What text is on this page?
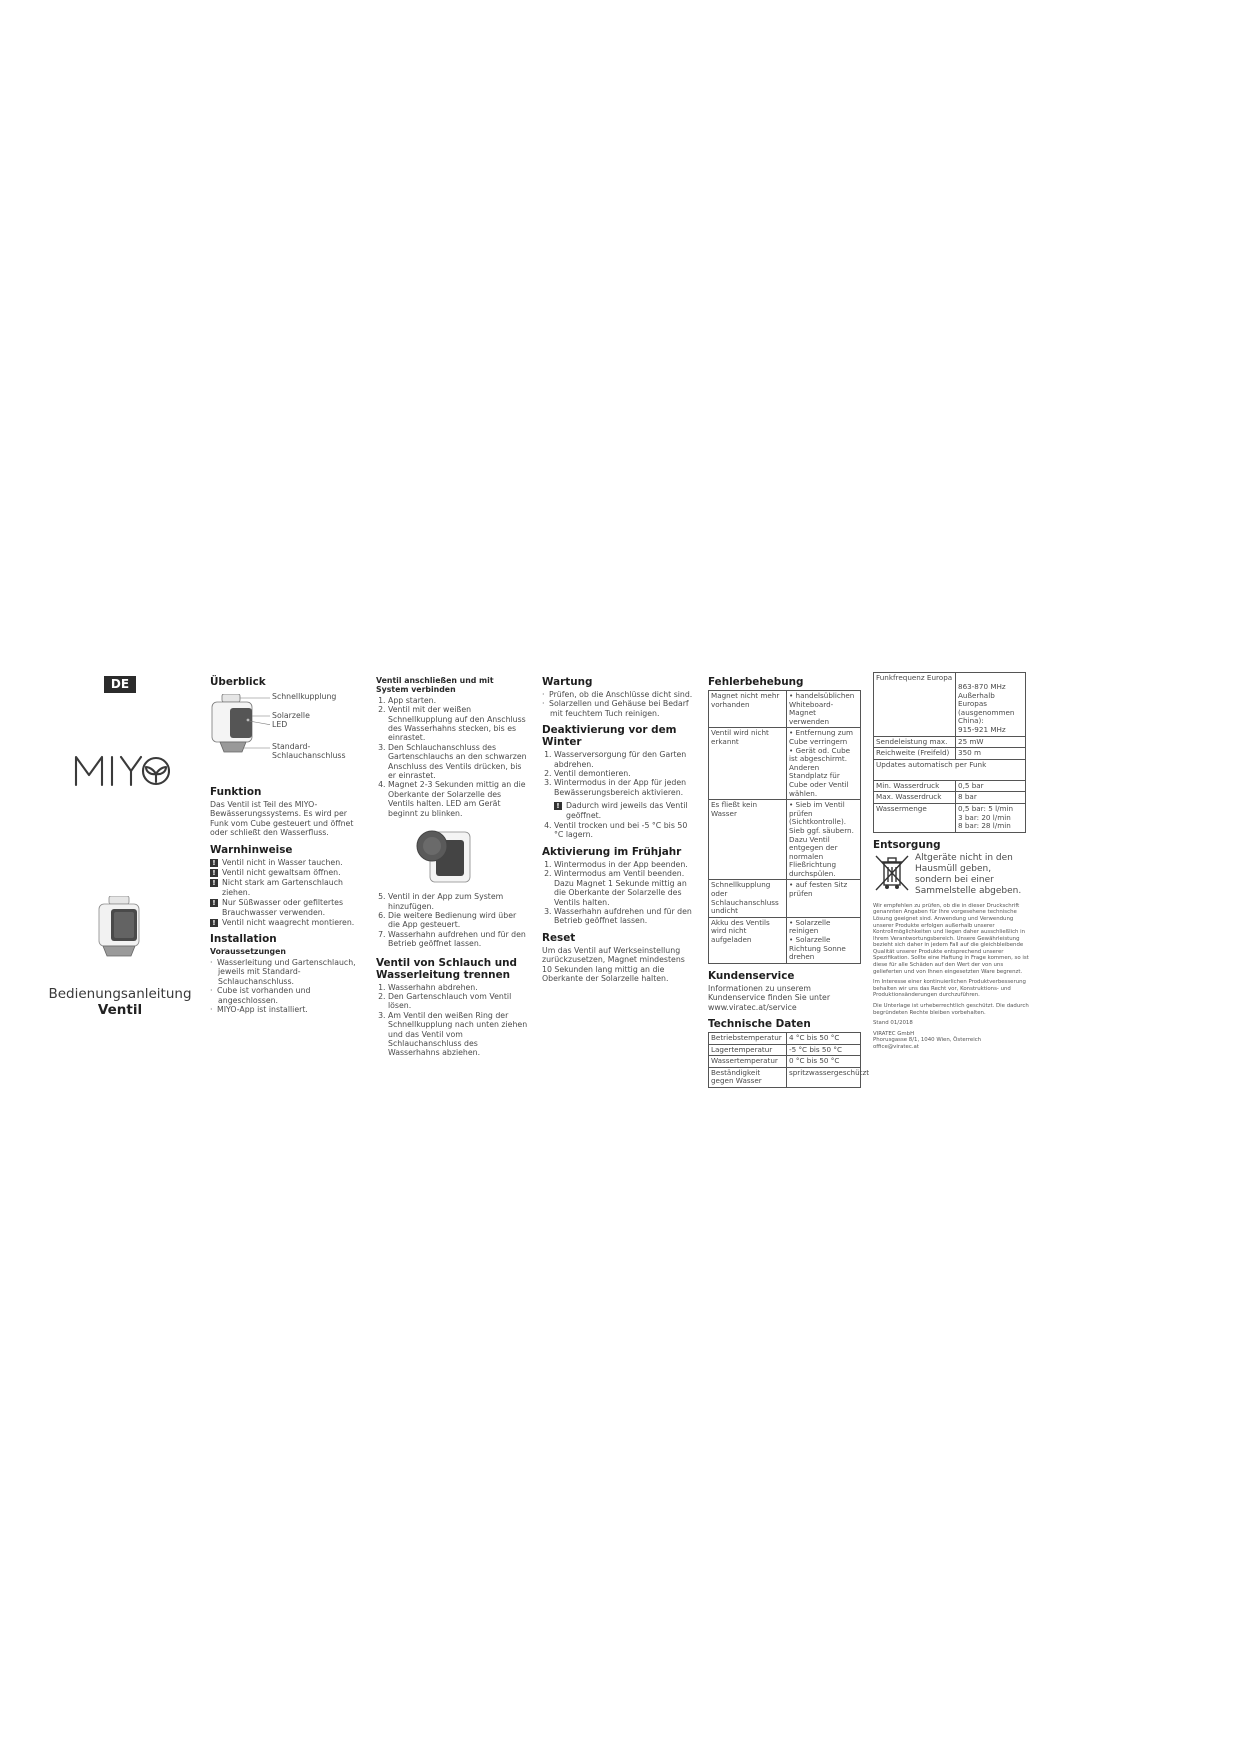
DE
Bedienungsanleitung
Ventil
Überblick
Schnellkupplung
Solarzelle
LED
Standard-Schlauchanschluss
Funktion

Das Ventil ist Teil des MIYO-Bewässerungssystems. Es wird per Funk vom Cube gesteuert und öffnet oder schließt den Wasserfluss.

Warnhinweise
! Ventil nicht in Wasser tauchen.
! Ventil nicht gewaltsam öffnen.
! Nicht stark am Gartenschlauch ziehen.
! Nur Süßwasser oder gefiltertes Brauchwasser verwenden.
! Ventil nicht waagrecht montieren.
Installation
Voraussetzungen
· Wasserleitung und Gartenschlauch, jeweils mit Standard-Schlauchanschluss.
· Cube ist vorhanden und angeschlossen.
· MIYO-App ist installiert.
Ventil anschließen und mit System verbinden
1. App starten.
2. Ventil mit der weißen Schnellkupplung auf den Anschluss des Wasserhahns stecken, bis es einrastet.
3. Den Schlauchanschluss des Gartenschlauchs an den schwarzen Anschluss des Ventils drücken, bis er einrastet.
4. Magnet 2-3 Sekunden mittig an die Oberkante der Solarzelle des Ventils halten. LED am Gerät beginnt zu blinken.
5. Ventil in der App zum System hinzufügen.
6. Die weitere Bedienung wird über die App gesteuert.
7. Wasserhahn aufdrehen und für den Betrieb geöffnet lassen.
Ventil von Schlauch und Wasserleitung trennen
1. Wasserhahn abdrehen.
2. Den Gartenschlauch vom Ventil lösen.
3. Am Ventil den weißen Ring der Schnellkupplung nach unten ziehen und das Ventil vom Schlauchanschluss des Wasserhahns abziehen.
Wartung
· Prüfen, ob die Anschlüsse dicht sind.
· Solarzellen und Gehäuse bei Bedarf mit feuchtem Tuch reinigen.
Deaktivierung vor dem Winter
1. Wasserversorgung für den Garten abdrehen.
2. Ventil demontieren.
3. Wintermodus in der App für jeden Bewässerungsbereich aktivieren.
! Dadurch wird jeweils das Ventil geöffnet.
4. Ventil trocken und bei -5 °C bis 50 °C lagern.
Aktivierung im Frühjahr
1. Wintermodus in der App beenden.
2. Wintermodus am Ventil beenden. Dazu Magnet 1 Sekunde mittig an die Oberkante der Solarzelle des Ventils halten.
3. Wasserhahn aufdrehen und für den Betrieb geöffnet lassen.
Reset

Um das Ventil auf Werkseinstellung zurückzusetzen, Magnet mindestens 10 Sekunden lang mittig an die Oberkante der Solarzelle halten.

Fehlerbehebung
Magnet nicht mehr vorhanden	• handelsüblichen Whiteboard-Magnet verwenden
Ventil wird nicht erkannt	• Entfernung zum Cube verringern
• Gerät od. Cube ist abgeschirmt. Anderen Standplatz für Cube oder Ventil wählen.
Es fließt kein Wasser	• Sieb im Ventil prüfen (Sichtkontrolle). Sieb ggf. säubern. Dazu Ventil entgegen der normalen Fließrichtung durchspülen.
Schnellkupplung oder Schlauchanschluss undicht	• auf festen Sitz prüfen
Akku des Ventils wird nicht aufgeladen	• Solarzelle reinigen
• Solarzelle Richtung Sonne drehen
Kundenservice

Informationen zu unserem Kundenservice finden Sie unter
www.viratec.at/service

Technische Daten
Betriebstemperatur	4 °C bis 50 °C
Lagertemperatur	-5 °C bis 50 °C
Wassertemperatur	0 °C bis 50 °C
Beständigkeit gegen Wasser	spritzwassergeschützt
Funkfrequenz Europa	863-870 MHz
Außerhalb Europas (ausgenommen China):
915-921 MHz
Sendeleistung max.	25 mW
Reichweite (Freifeld)	350 m
Updates automatisch per Funk	
Min. Wasserdruck	0,5 bar
Max. Wasserdruck	8 bar
Wassermenge	0,5 bar: 5 l/min
3 bar: 20 l/min
8 bar: 28 l/min
Entsorgung

Altgeräte nicht in den Hausmüll geben, sondern bei einer Sammelstelle abgeben.

Wir empfehlen zu prüfen, ob die in dieser Druckschrift genannten Angaben für Ihre vorgesehene technische Lösung geeignet sind. Anwendung und Verwendung unserer Produkte erfolgen außerhalb unserer Kontrollmöglichkeiten und liegen daher ausschließlich in Ihrem Verantwortungsbereich. Unsere Gewährleistung bezieht sich daher in jedem Fall auf die gleichbleibende Qualität unserer Produkte entsprechend unserer Spezifikation. Sollte eine Haftung in Frage kommen, so ist diese für alle Schäden auf den Wert der von uns gelieferten und von Ihnen eingesetzten Ware begrenzt.

Im Interesse einer kontinuierlichen Produktverbesserung behalten wir uns das Recht vor, Konstruktions- und Produktionsänderungen durchzuführen.

Die Unterlage ist urheberrechtlich geschützt. Die dadurch begründeten Rechte bleiben vorbehalten.

Stand 01/2018

VIRATEC GmbH
Phorusgasse 8/1, 1040 Wien, Österreich
office@viratec.at
